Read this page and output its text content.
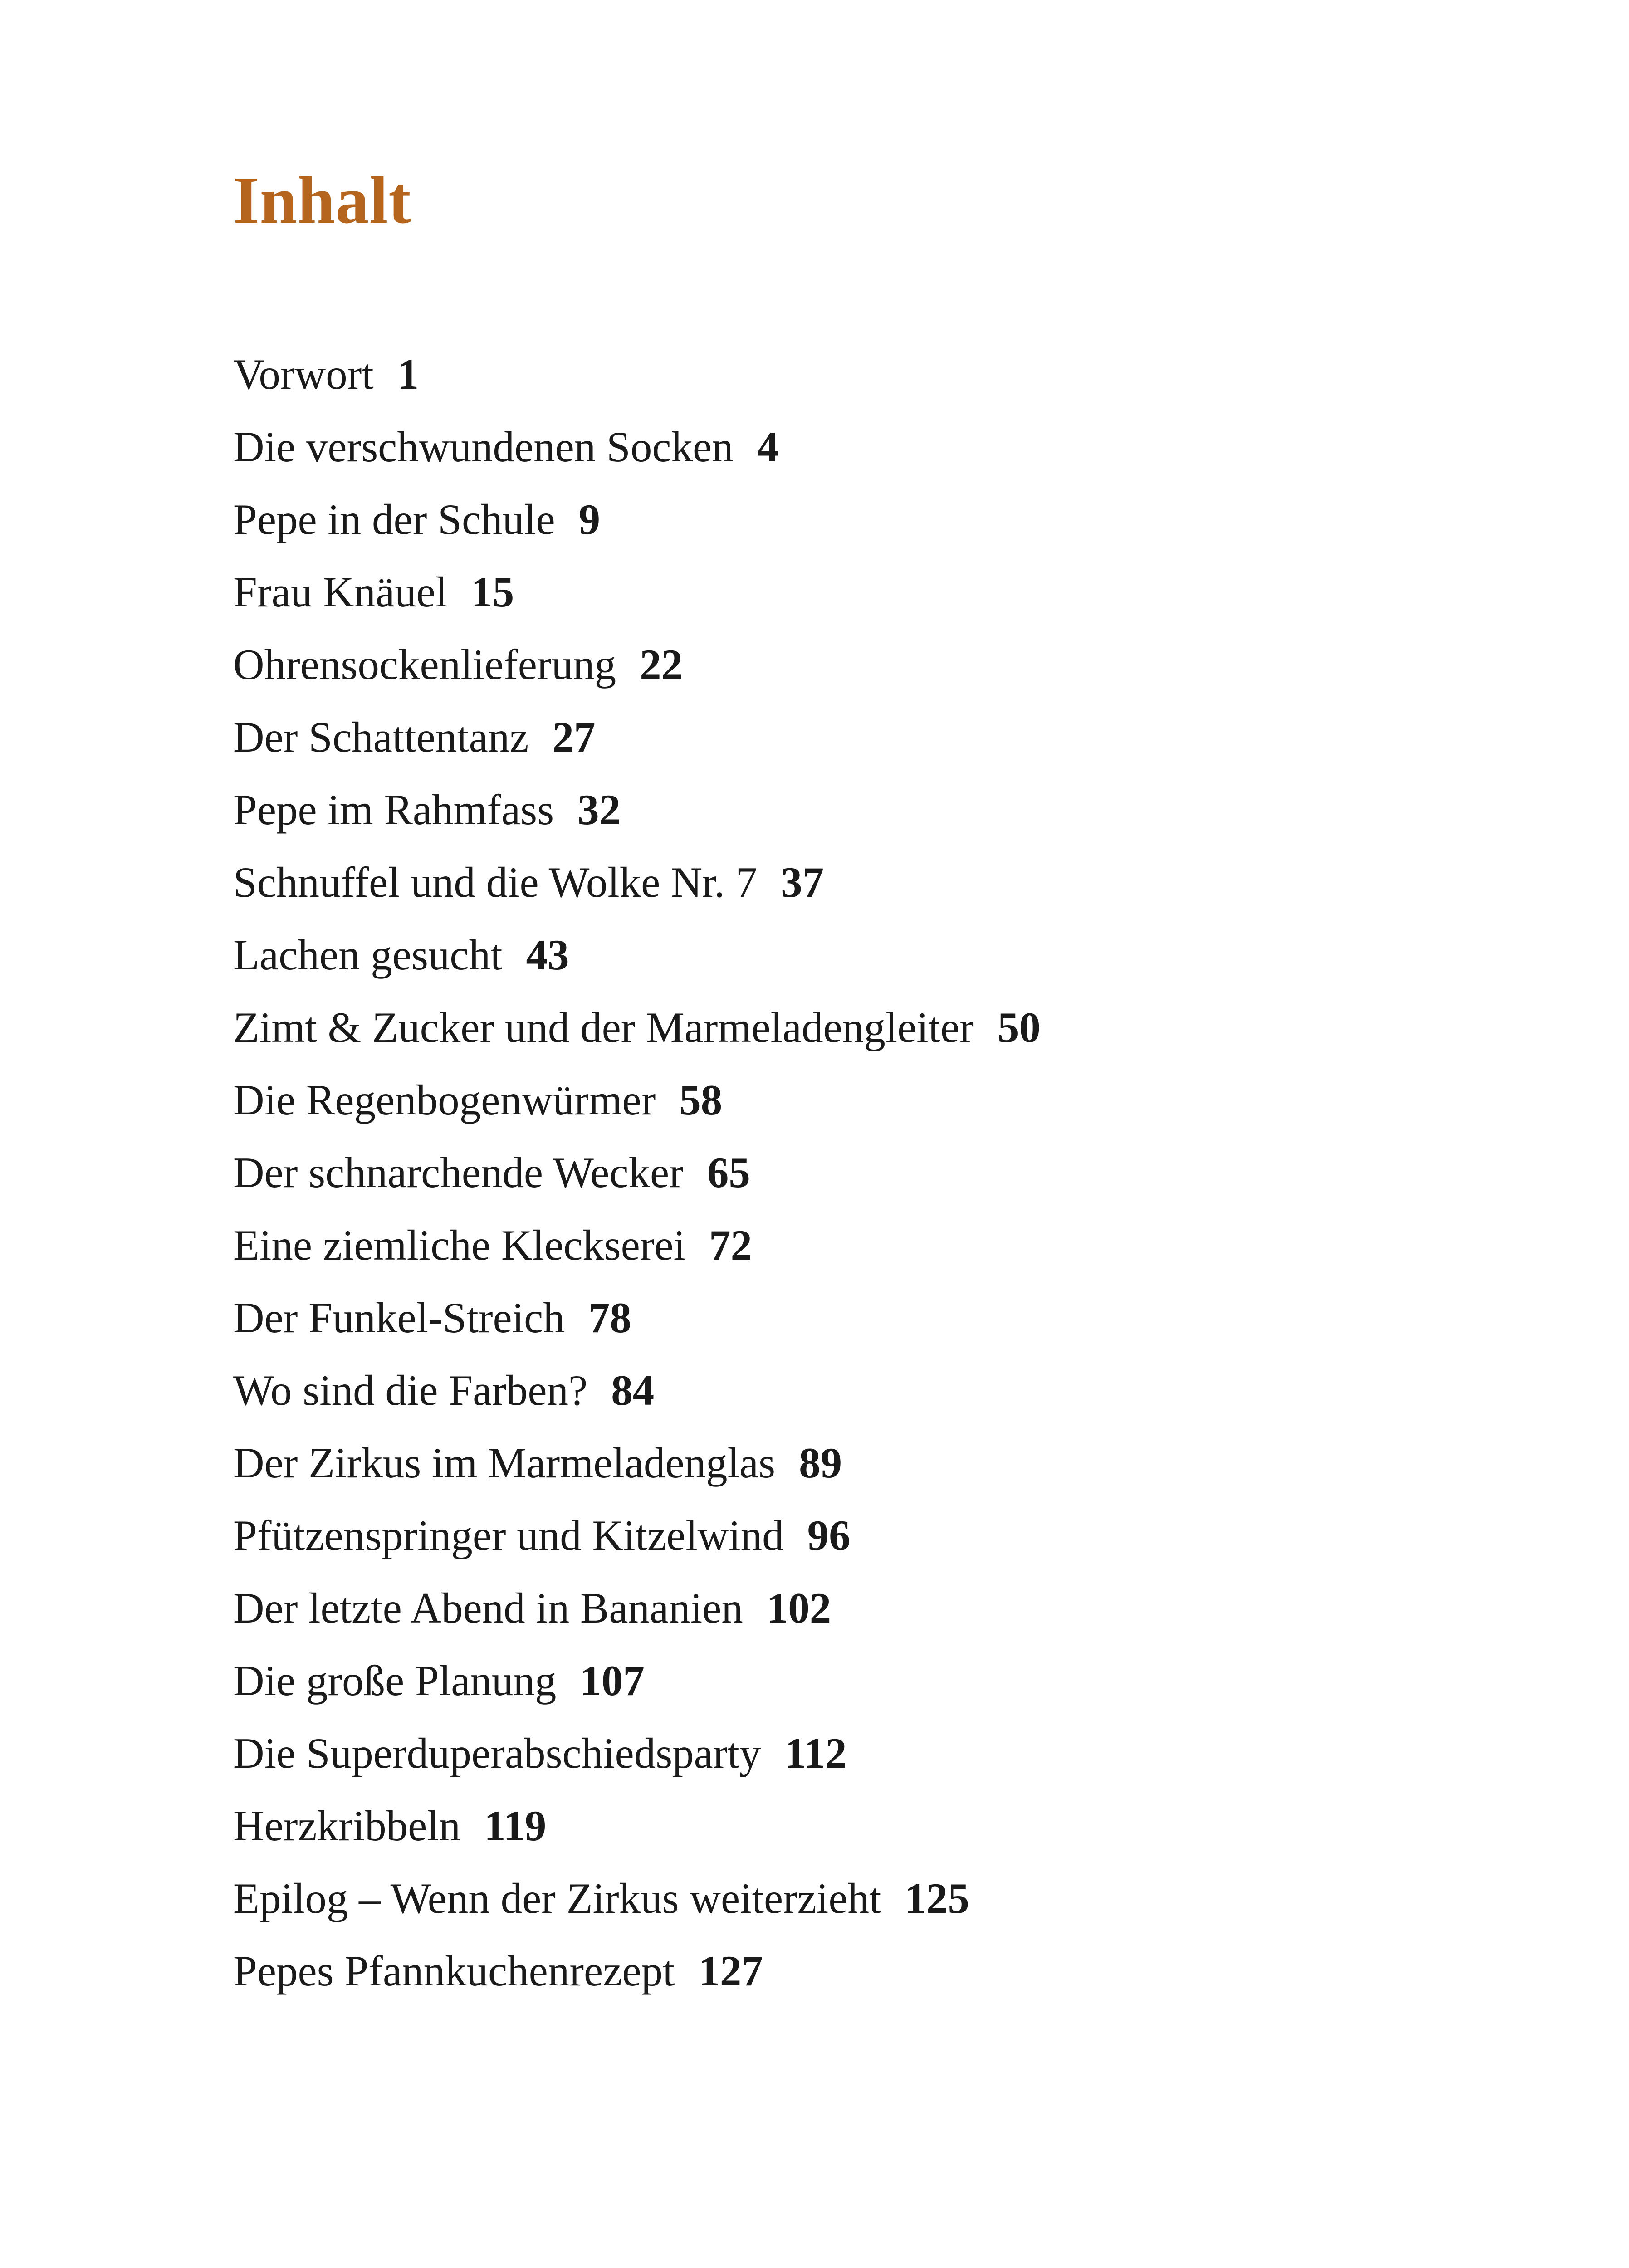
Inhalt
Vorwort 1
Die verschwundenen Socken 4
Pepe in der Schule 9
Frau Knäuel 15
Ohrensockenlieferung 22
Der Schattentanz 27
Pepe im Rahmfass 32
Schnuffel und die Wolke Nr. 7 37
Lachen gesucht 43
Zimt & Zucker und der Marmeladengleiter 50
Die Regenbogenwürmer 58
Der schnarchende Wecker 65
Eine ziemliche Kleckserei 72
Der Funkel-Streich 78
Wo sind die Farben? 84
Der Zirkus im Marmeladenglas 89
Pfützenspringer und Kitzelwind 96
Der letzte Abend in Bananien 102
Die große Planung 107
Die Superduperabschiedsparty 112
Herzkribbeln 119
Epilog – Wenn der Zirkus weiterzieht 125
Pepes Pfannkuchenrezept 127
